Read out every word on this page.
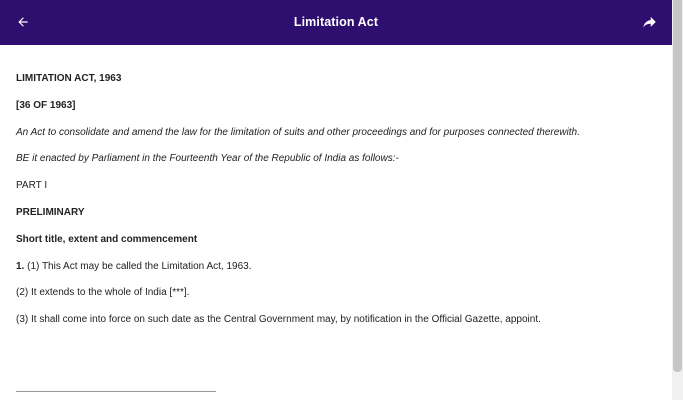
Limitation Act
LIMITATION ACT, 1963
[36 OF 1963]
An Act to consolidate and amend the law for the limitation of suits and other proceedings and for purposes connected therewith.
BE it enacted by Parliament in the Fourteenth Year of the Republic of India as follows:-
PART I
PRELIMINARY
Short title, extent and commencement
1. (1) This Act may be called the Limitation Act, 1963.
(2) It extends to the whole of India [***].
(3) It shall come into force on such date as the Central Government may, by notification in the Official Gazette, appoint.
